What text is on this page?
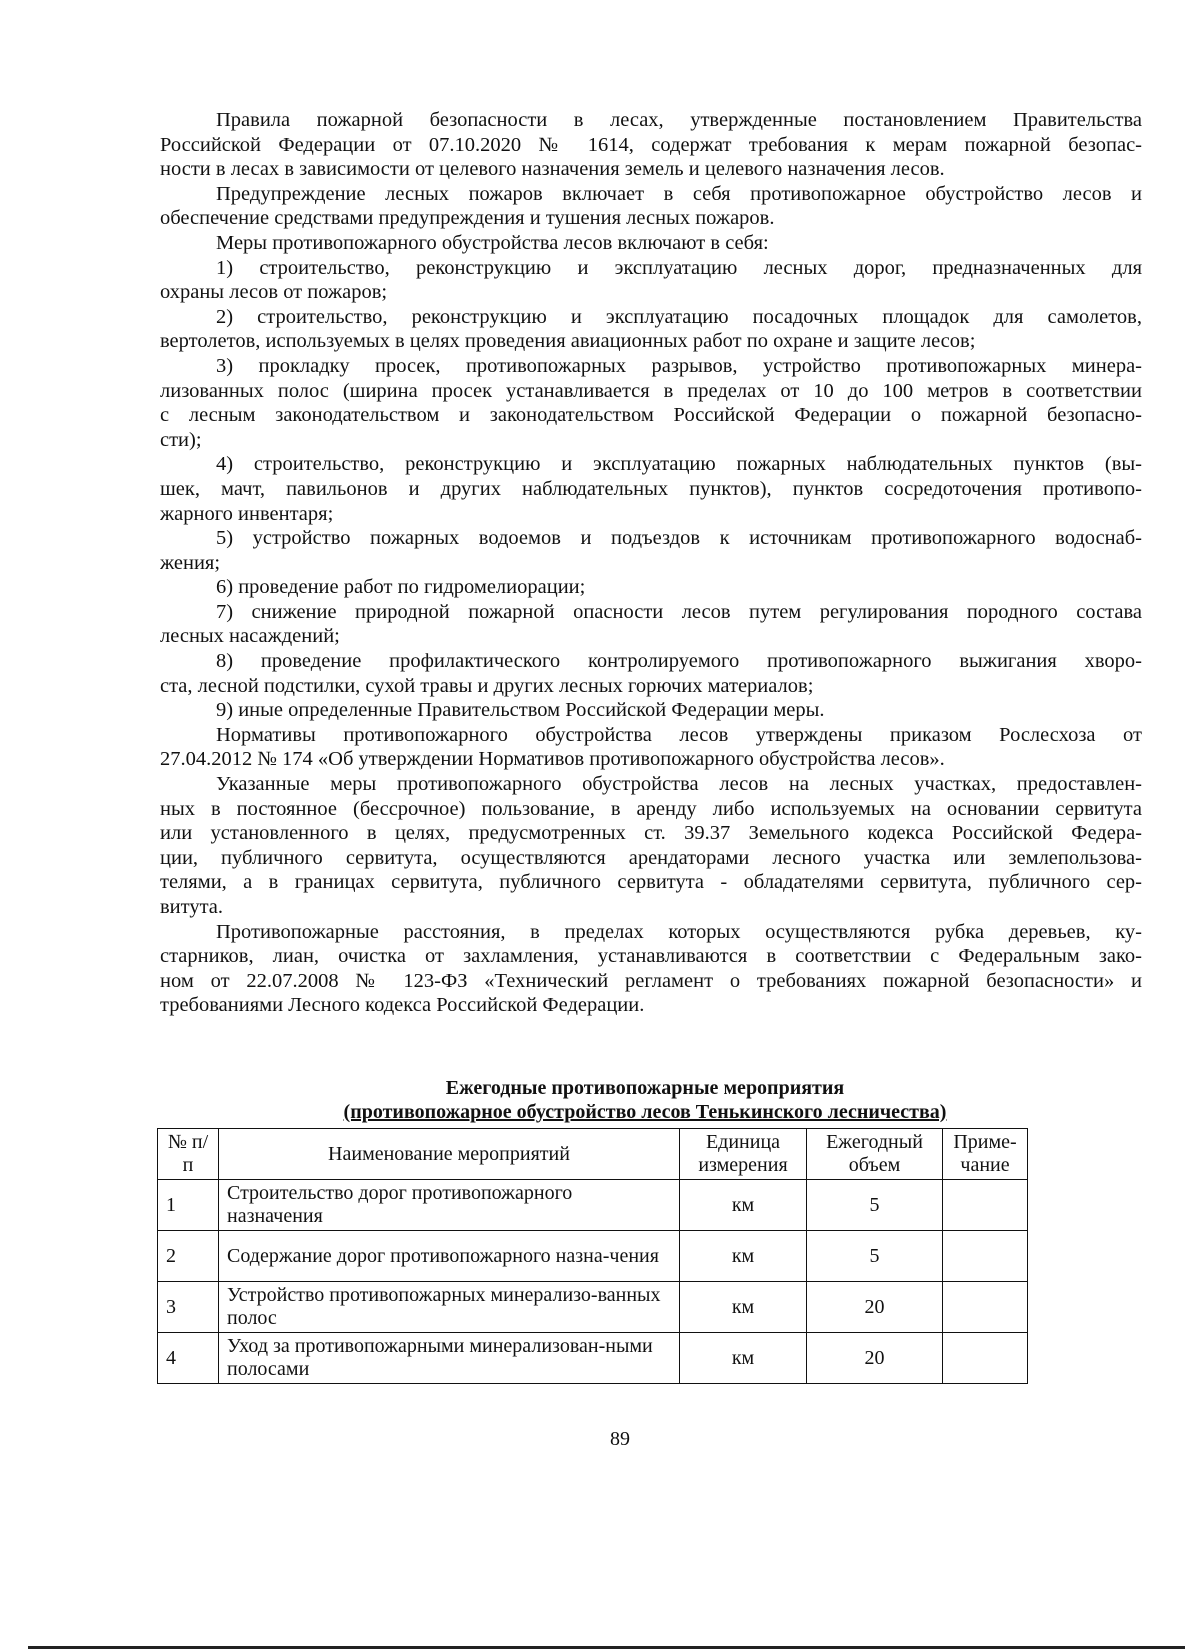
Правила пожарной безопасности в лесах, утвержденные постановлением Правительства
Российской Федерации от 07.10.2020 № 1614, содержат требования к мерам пожарной безопас-
ности в лесах в зависимости от целевого назначения земель и целевого назначения лесов.
Предупреждение лесных пожаров включает в себя противопожарное обустройство лесов и
обеспечение средствами предупреждения и тушения лесных пожаров.
Меры противопожарного обустройства лесов включают в себя:
1) строительство, реконструкцию и эксплуатацию лесных дорог, предназначенных для
охраны лесов от пожаров;
2) строительство, реконструкцию и эксплуатацию посадочных площадок для самолетов,
вертолетов, используемых в целях проведения авиационных работ по охране и защите лесов;
3) прокладку просек, противопожарных разрывов, устройство противопожарных минера-
лизованных полос (ширина просек устанавливается в пределах от 10 до 100 метров в соответствии
с лесным законодательством и законодательством Российской Федерации о пожарной безопасно-
сти);
4) строительство, реконструкцию и эксплуатацию пожарных наблюдательных пунктов (вы-
шек, мачт, павильонов и других наблюдательных пунктов), пунктов сосредоточения противопо-
жарного инвентаря;
5) устройство пожарных водоемов и подъездов к источникам противопожарного водоснаб-
жения;
6) проведение работ по гидромелиорации;
7) снижение природной пожарной опасности лесов путем регулирования породного состава
лесных насаждений;
8) проведение профилактического контролируемого противопожарного выжигания хворо-
ста, лесной подстилки, сухой травы и других лесных горючих материалов;
9) иные определенные Правительством Российской Федерации меры.
Нормативы противопожарного обустройства лесов утверждены приказом Рослесхоза от
27.04.2012 № 174 «Об утверждении Нормативов противопожарного обустройства лесов».
Указанные меры противопожарного обустройства лесов на лесных участках, предоставлен-
ных в постоянное (бессрочное) пользование, в аренду либо используемых на основании сервитута
или установленного в целях, предусмотренных ст. 39.37 Земельного кодекса Российской Федера-
ции, публичного сервитута, осуществляются арендаторами лесного участка или землепользова-
телями, а в границах сервитута, публичного сервитута - обладателями сервитута, публичного сер-
витута.
Противопожарные расстояния, в пределах которых осуществляются рубка деревьев, ку-
старников, лиан, очистка от захламления, устанавливаются в соответствии с Федеральным зако-
ном от 22.07.2008 № 123-ФЗ «Технический регламент о требованиях пожарной безопасности» и
требованиями Лесного кодекса Российской Федерации.
Ежегодные противопожарные мероприятия
(противопожарное обустройство лесов Тенькинского лесничества)
№ п/п	Наименование мероприятий	Единица измерения	Ежегодный объем	Приме-чание
1	Строительство дорог противопожарного назначения	км	5	
2	Содержание дорог противопожарного назна-чения	км	5	
3	Устройство противопожарных минерализо-ванных полос	км	20	
4	Уход за противопожарными минерализован-ными полосами	км	20	
89
